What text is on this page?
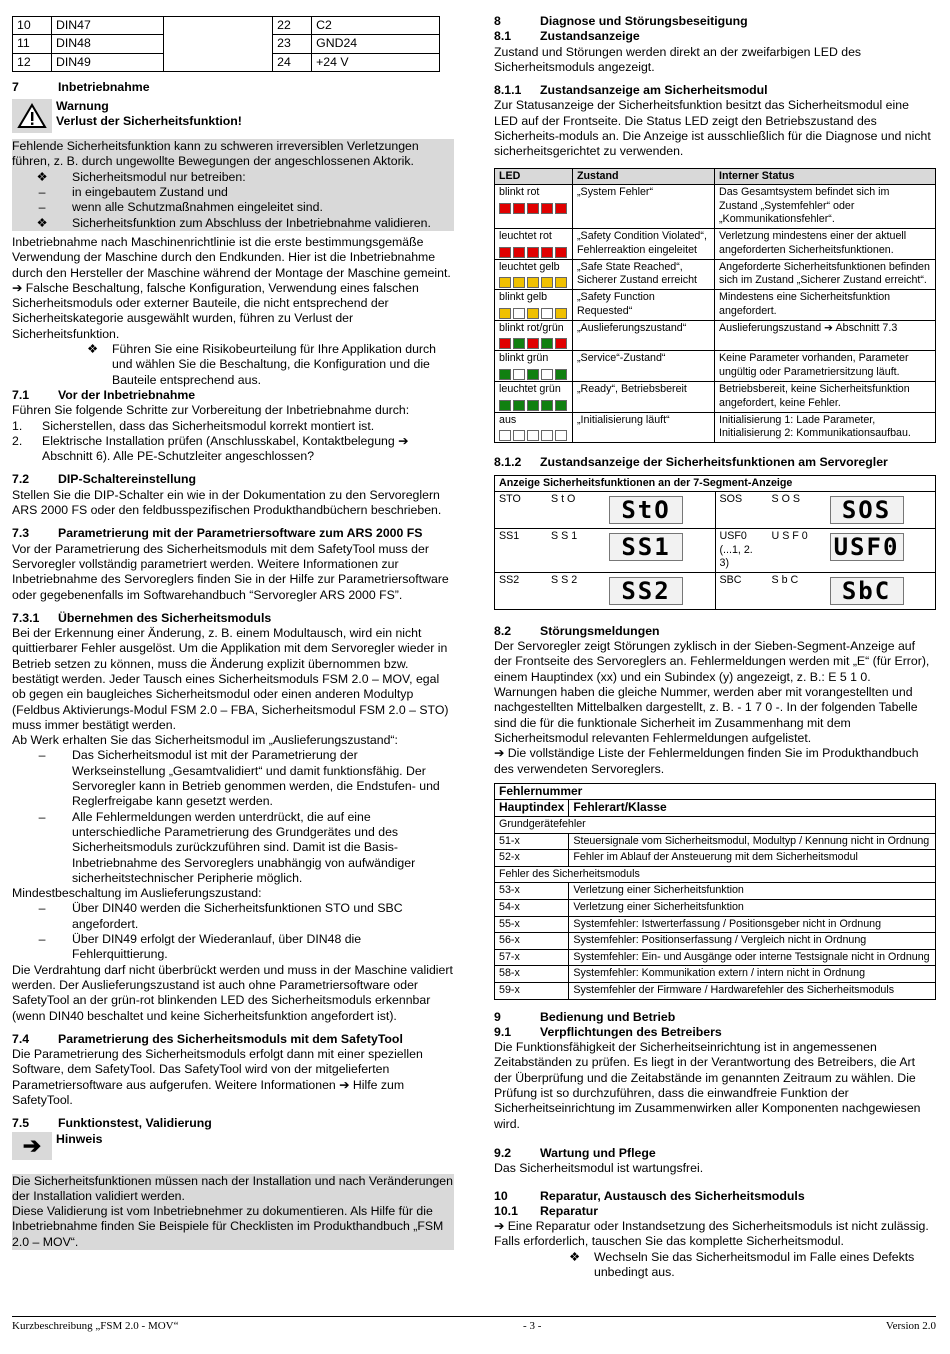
10	DIN47		22	C2
11	DIN48		23	GND24
12	DIN49		24	+24 V

7	Inbetriebnahme

Warnung

Verlust der Sicherheitsfunktion!

Fehlende Sicherheitsfunktion kann zu schweren irreversiblen Verletzungen führen, z. B. durch ungewollte Bewegungen der angeschlossenen Aktorik.

❖	Sicherheitsmodul nur betreiben:
–	in eingebautem Zustand und
–	wenn alle Schutzmaßnahmen eingeleitet sind.
❖	Sicherheitsfunktion zum Abschluss der Inbetriebnahme validieren.

Inbetriebnahme nach Maschinenrichtlinie ist die erste bestimmungsgemäße Verwendung der Maschine durch den Endkunden. Hier ist die Inbetriebnahme durch den Hersteller der Maschine während der Montage der Maschine gemeint.

➔ Falsche Beschaltung, falsche Konfiguration, Verwendung eines falschen Sicherheitsmoduls oder externer Bauteile, die nicht entsprechend der Sicherheitskategorie ausgewählt wurden, führen zu Verlust der Sicherheitsfunktion.

❖	Führen Sie eine Risikobeurteilung für Ihre Applikation durch und wählen Sie die Beschaltung, die Konfiguration und die Bauteile entsprechend aus.

7.1	Vor der Inbetriebnahme

Führen Sie folgende Schritte zur Vorbereitung der Inbetriebnahme durch:

1.	Sicherstellen, dass das Sicherheitsmodul korrekt montiert ist.
2.	Elektrische Installation prüfen (Anschlusskabel, Kontaktbelegung ➔ Abschnitt 6). Alle PE-Schutzleiter angeschlossen?

7.2	DIP-Schaltereinstellung

Stellen Sie die DIP-Schalter ein wie in der Dokumentation zu den Servoreglern ARS 2000 FS oder den feldbusspezifischen Produkthandbüchern beschrieben.

7.3	Parametrierung mit der Parametriersoftware zum ARS 2000 FS

Vor der Parametrierung des Sicherheitsmoduls mit dem SafetyTool muss der Servoregler vollständig parametriert werden. Weitere Informationen zur Inbetriebnahme des Servoreglers finden Sie in der Hilfe zur Parametriersoftware oder gegebenenfalls im Softwarehandbuch “Servoregler ARS 2000 FS”.

7.3.1	Übernehmen des Sicherheitsmoduls

Bei der Erkennung einer Änderung, z. B. einem Modultausch, wird ein nicht quittierbarer Fehler ausgelöst. Um die Applikation mit dem Servoregler wieder in Betrieb setzen zu können, muss die Änderung explizit übernommen bzw. bestätigt werden. Jeder Tausch eines Sicherheitsmoduls FSM 2.0 – MOV, egal ob gegen ein baugleiches Sicherheitsmodul oder einen anderen Modultyp (Feldbus Aktivierungs-Modul FSM 2.0 – FBA, Sicherheitsmodul FSM 2.0 – STO) muss immer bestätigt werden.

Ab Werk erhalten Sie das Sicherheitsmodul im „Auslieferungszustand“:

–	Das Sicherheitsmodul ist mit der Parametrierung der Werkseinstellung „Gesamtvalidiert“ und damit funktionsfähig. Der Servoregler kann in Betrieb genommen werden, die Endstufen- und Reglerfreigabe kann gesetzt werden.
–	Alle Fehlermeldungen werden unterdrückt, die auf eine unterschiedliche Parametrierung des Grundgerätes und des Sicherheitsmoduls zurückzuführen sind. Damit ist die Basis-Inbetriebnahme des Servoreglers unabhängig von aufwändiger sicherheitstechnischer Peripherie möglich.

Mindestbeschaltung im Auslieferungszustand:

–	Über DIN40 werden die Sicherheitsfunktionen STO und SBC angefordert.
–	Über DIN49 erfolgt der Wiederanlauf, über DIN48 die Fehlerquittierung.

Die Verdrahtung darf nicht überbrückt werden und muss in der Maschine validiert werden. Der Auslieferungszustand ist auch ohne Parametriersoftware oder SafetyTool an der grün-rot blinkenden LED des Sicherheitsmoduls erkennbar (wenn DIN40 beschaltet und keine Sicherheitsfunktion angefordert ist).

7.4	Parametrierung des Sicherheitsmoduls mit dem SafetyTool

Die Parametrierung des Sicherheitsmoduls erfolgt dann mit einer speziellen Software, dem SafetyTool. Das SafetyTool wird von der mitgelieferten Parametriersoftware aus aufgerufen. Weitere Informationen ➔ Hilfe zum SafetyTool.

7.5	Funktionstest, Validierung

➔	Hinweis

Die Sicherheitsfunktionen müssen nach der Installation und nach Veränderungen der Installation validiert werden.

Diese Validierung ist vom Inbetriebnehmer zu dokumentieren. Als Hilfe für die Inbetriebnahme finden Sie Beispiele für Checklisten im Produkthandbuch „FSM 2.0 – MOV“.

8	Diagnose und Störungsbeseitigung

8.1	Zustandsanzeige

Zustand und Störungen werden direkt an der zweifarbigen LED des Sicherheitsmoduls angezeigt.

8.1.1	Zustandsanzeige am Sicherheitsmodul

Zur Statusanzeige der Sicherheitsfunktion besitzt das Sicherheitsmodul eine LED auf der Frontseite. Die Status LED zeigt den Betriebszustand des Sicherheits-moduls an. Die Anzeige ist ausschließlich für die Diagnose und nicht sicherheitsgerichtet zu verwenden.

LED	Zustand	Interner Status

blinkt rot	„System Fehler“	Das Gesamtsystem befindet sich im Zustand „Systemfehler“ oder „Kommunikationsfehler“.

leuchtet rot	„Safety Condition Violated“, Fehlerreaktion eingeleitet	Verletzung mindestens einer der aktuell angeforderten Sicherheitsfunktionen.

leuchtet gelb	„Safe State Reached“, Sicherer Zustand erreicht	Angeforderte Sicherheitsfunktionen befinden sich im Zustand „Sicherer Zustand erreicht“.

blinkt gelb	„Safety Function Requested“	Mindestens eine Sicherheitsfunktion angefordert.

blinkt rot/grün	„Auslieferungszustand“	Auslieferungszustand ➔ Abschnitt 7.3

blinkt grün	„Service“-Zustand“	Keine Parameter vorhanden, Parameter ungültig oder Parametriersitzung läuft.

leuchtet grün	„Ready“, Betriebsbereit	Betriebsbereit, keine Sicherheitsfunktion angefordert, keine Fehler.

aus	„Initialisierung läuft“	Initialisierung 1: Lade Parameter, Initialisierung 2: Kommunikationsaufbau.

8.1.2	Zustandsanzeige der Sicherheitsfunktionen am Servoregler

Anzeige Sicherheitsfunktionen an der 7-Segment-Anzeige					
STO	S t O	StO	SOS	S O S	SOS
SS1	S S 1	SS1	USF0 (...1, 2. 3)	U S F 0	USF0
SS2	S S 2	SS2	SBC	S b C	SbC

8.2	Störungsmeldungen

Der Servoregler zeigt Störungen zyklisch in der Sieben-Segment-Anzeige auf der Frontseite des Servoreglers an. Fehlermeldungen werden mit „E“ (für Error), einem Hauptindex (xx) und ein Subindex (y) angezeigt, z. B.: E 5 1 0. Warnungen haben die gleiche Nummer, werden aber mit vorangestellten und nachgestellten Mittelbalken dargestellt, z. B. - 1 7 0 -. In der folgenden Tabelle sind die für die funktionale Sicherheit im Zusammenhang mit dem Sicherheitsmodul relevanten Fehlermeldungen aufgelistet.

➔ Die vollständige Liste der Fehlermeldungen finden Sie im Produkthandbuch des verwendeten Servoreglers.

Fehlernummer	
Hauptindex	Fehlerart/Klasse
Grundgerätefehler	
51-x	Steuersignale vom Sicherheitsmodul, Modultyp / Kennung nicht in Ordnung
52-x	Fehler im Ablauf der Ansteuerung mit dem Sicherheitsmodul
Fehler des Sicherheitsmoduls	
53-x	Verletzung einer Sicherheitsfunktion
54-x	Verletzung einer Sicherheitsfunktion
55-x	Systemfehler: Istwerterfassung / Positionsgeber nicht in Ordnung
56-x	Systemfehler: Positionserfassung / Vergleich nicht in Ordnung
57-x	Systemfehler: Ein- und Ausgänge oder interne Testsignale nicht in Ordnung
58-x	Systemfehler: Kommunikation extern / intern nicht in Ordnung
59-x	Systemfehler der Firmware / Hardwarefehler des Sicherheitsmoduls

9	Bedienung und Betrieb

9.1	Verpflichtungen des Betreibers

Die Funktionsfähigkeit der Sicherheitseinrichtung ist in angemessenen Zeitabständen zu prüfen. Es liegt in der Verantwortung des Betreibers, die Art der Überprüfung und die Zeitabstände im genannten Zeitraum zu wählen. Die Prüfung ist so durchzuführen, dass die einwandfreie Funktion der Sicherheitseinrichtung im Zusammenwirken aller Komponenten nachgewiesen wird.

9.2	Wartung und Pflege

Das Sicherheitsmodul ist wartungsfrei.

10	Reparatur, Austausch des Sicherheitsmoduls

10.1	Reparatur

➔ Eine Reparatur oder Instandsetzung des Sicherheitsmoduls ist nicht zulässig. Falls erforderlich, tauschen Sie das komplette Sicherheitsmodul.

❖	Wechseln Sie das Sicherheitsmodul im Falle eines Defekts unbedingt aus.
Kurzbeschreibung „FSM 2.0 - MOV“	- 3 -	Version 2.0
